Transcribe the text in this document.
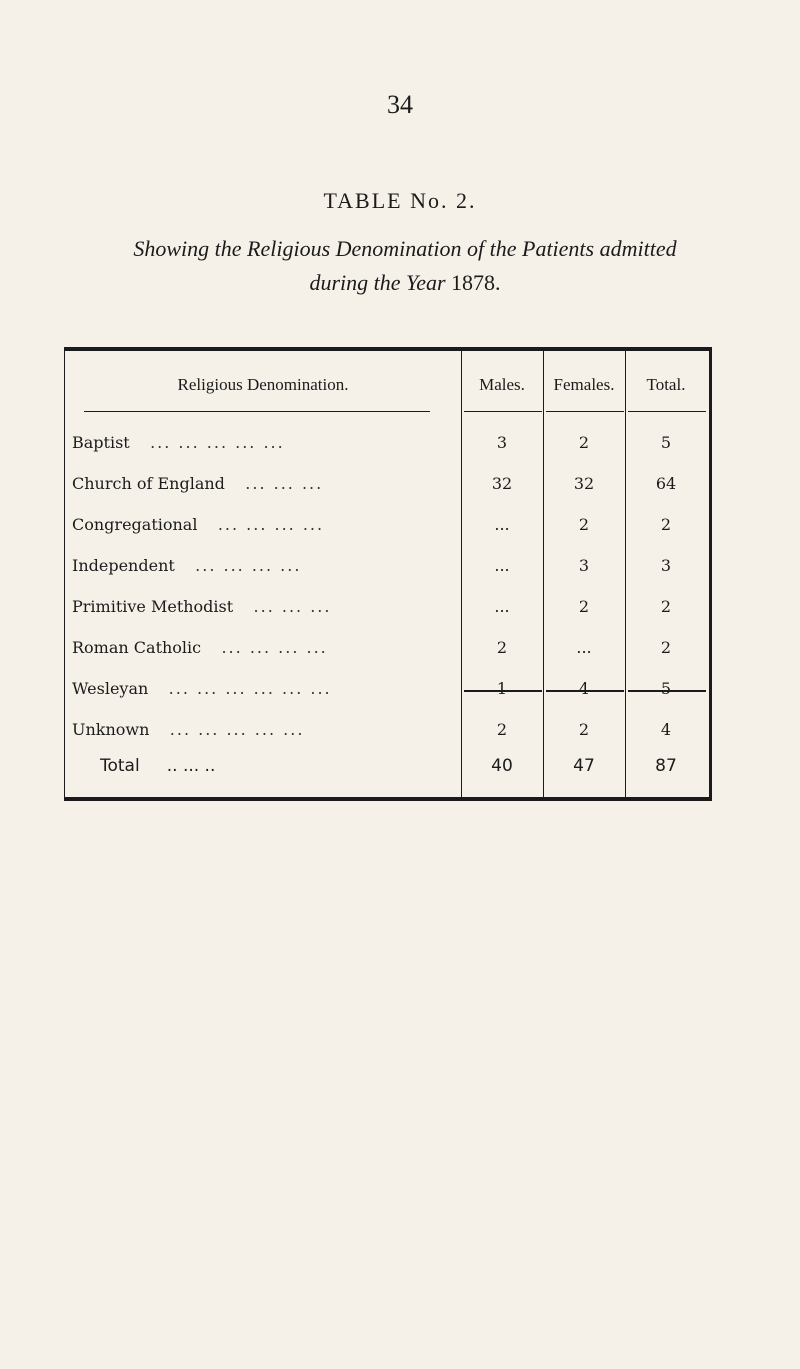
34
TABLE No. 2.
Showing the Religious Denomination of the Patients admitted
during the Year 1878.
Religious Denomination.	Males.	Females.	Total.
Baptist ... ... ... ... ...	3	2	5
Church of England ... ... ...	32	32	64
Congregational ... ... ... ...	...	2	2
Independent ... ... ... ...	...	3	3
Primitive Methodist ... ... ...	...	2	2
Roman Catholic ... ... ... ...	2	...	2
Wesleyan ... ... ... ... ... ...	1	4	5
Unknown ... ... ... ... ...	2	2	4
Total .. ... ..	40	47	87
